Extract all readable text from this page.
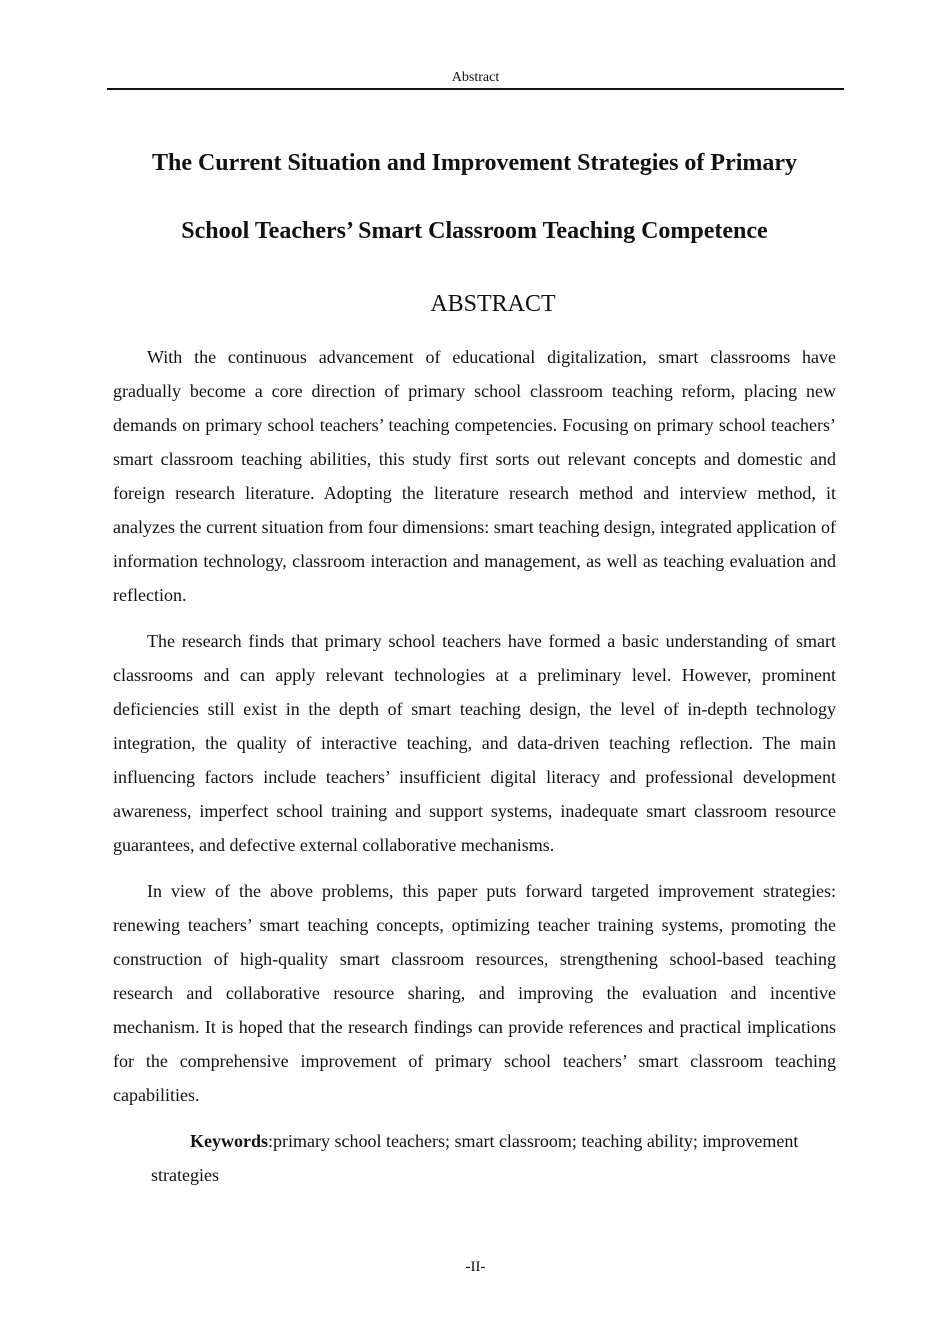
Abstract
The Current Situation and Improvement Strategies of Primary
School Teachers’ Smart Classroom Teaching Competence
ABSTRACT

With the continuous advancement of educational digitalization, smart classrooms have gradually become a core direction of primary school classroom teaching reform, placing new demands on primary school teachers’ teaching competencies. Focusing on primary school teachers’ smart classroom teaching abilities, this study first sorts out relevant concepts and domestic and foreign research literature. Adopting the literature research method and interview method, it analyzes the current situation from four dimensions: smart teaching design, integrated application of information technology, classroom interaction and management, as well as teaching evaluation and reflection.

The research finds that primary school teachers have formed a basic understanding of smart classrooms and can apply relevant technologies at a preliminary level. However, prominent deficiencies still exist in the depth of smart teaching design, the level of in-depth technology integration, the quality of interactive teaching, and data-driven teaching reflection. The main influencing factors include teachers’ insufficient digital literacy and professional development awareness, imperfect school training and support systems, inadequate smart classroom resource guarantees, and defective external collaborative mechanisms.

In view of the above problems, this paper puts forward targeted improvement strategies: renewing teachers’ smart teaching concepts, optimizing teacher training systems, promoting the construction of high-quality smart classroom resources, strengthening school-based teaching research and collaborative resource sharing, and improving the evaluation and incentive mechanism. It is hoped that the research findings can provide references and practical implications for the comprehensive improvement of primary school teachers’ smart classroom teaching capabilities.

Keywords:primary school teachers; smart classroom; teaching ability; improvement strategies

-II-
